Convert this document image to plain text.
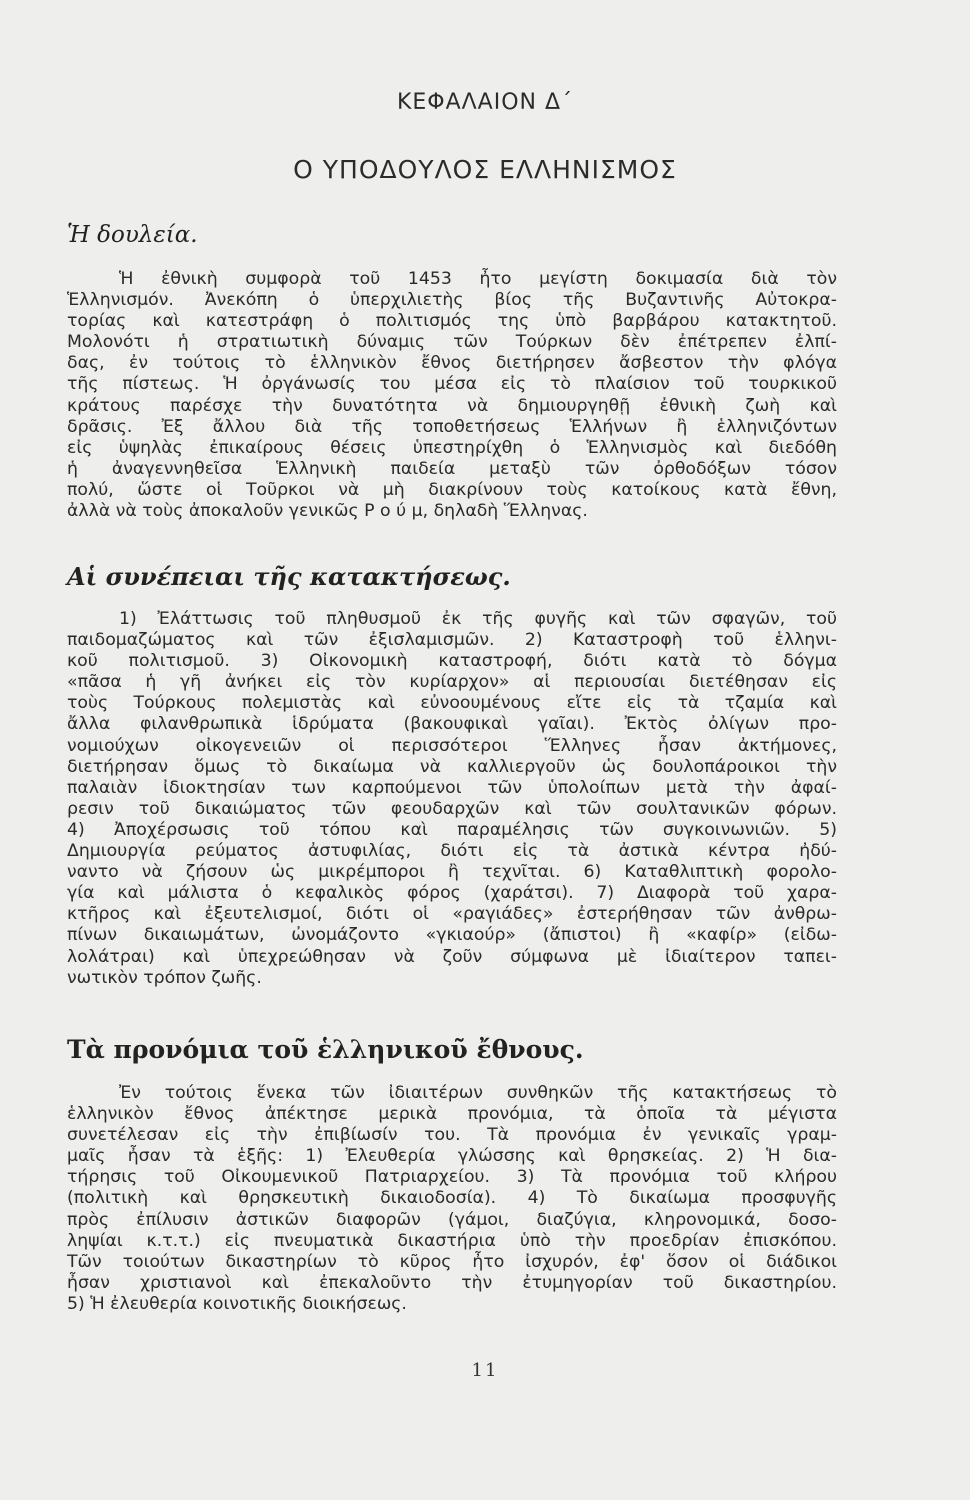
ΚΕΦΑΛΑΙΟΝ Δ΄
Ο ΥΠΟΔΟΥΛΟΣ ΕΛΛΗΝΙΣΜΟΣ
Ἡ δουλεία.
Ἡ ἐθνικὴ συμφορὰ τοῦ 1453 ἦτο μεγίστη δοκιμασία διὰ τὸν
Ἑλληνισμόν. Ἀνεκόπη ὁ ὑπερχιλιετὴς βίος τῆς Βυζαντινῆς Αὐτοκρα-
τορίας καὶ κατεστράφη ὁ πολιτισμός της ὑπὸ βαρβάρου κατακτητοῦ.
Μολονότι ἡ στρατιωτικὴ δύναμις τῶν Τούρκων δὲν ἐπέτρεπεν ἐλπί-
δας, ἐν τούτοις τὸ ἑλληνικὸν ἔθνος διετήρησεν ἄσβεστον τὴν φλόγα
τῆς πίστεως. Ἡ ὀργάνωσίς του μέσα εἰς τὸ πλαίσιον τοῦ τουρκικοῦ
κράτους παρέσχε τὴν δυνατότητα νὰ δημιουργηθῇ ἐθνικὴ ζωὴ καὶ
δρᾶσις. Ἐξ ἄλλου διὰ τῆς τοποθετήσεως Ἑλλήνων ἢ ἑλληνιζόντων
εἰς ὑψηλὰς ἐπικαίρους θέσεις ὑπεστηρίχθη ὁ Ἑλληνισμὸς καὶ διεδόθη
ἡ ἀναγεννηθεῖσα Ἑλληνικὴ παιδεία μεταξὺ τῶν ὀρθοδόξων τόσον
πολύ, ὥστε οἱ Τοῦρκοι νὰ μὴ διακρίνουν τοὺς κατοίκους κατὰ ἔθνη,
ἀλλὰ νὰ τοὺς ἀποκαλοῦν γενικῶς Ρ ο ύ μ, δηλαδὴ Ἕλληνας.
Αἱ συνέπειαι τῆς κατακτήσεως.
1) Ἐλάττωσις τοῦ πληθυσμοῦ ἐκ τῆς φυγῆς καὶ τῶν σφαγῶν, τοῦ
παιδομαζώματος καὶ τῶν ἐξισλαμισμῶν. 2) Καταστροφὴ τοῦ ἑλληνι-
κοῦ πολιτισμοῦ. 3) Οἰκονομικὴ καταστροφή, διότι κατὰ τὸ δόγμα
«πᾶσα ἡ γῆ ἀνήκει εἰς τὸν κυρίαρχον» αἱ περιουσίαι διετέθησαν εἰς
τοὺς Τούρκους πολεμιστὰς καὶ εὐνοουμένους εἴτε εἰς τὰ τζαμία καὶ
ἄλλα φιλανθρωπικὰ ἱδρύματα (βακουφικαὶ γαῖαι). Ἐκτὸς ὀλίγων προ-
νομιούχων οἰκογενειῶν οἱ περισσότεροι Ἕλληνες ἦσαν ἀκτήμονες,
διετήρησαν ὅμως τὸ δικαίωμα νὰ καλλιεργοῦν ὡς δουλοπάροικοι τὴν
παλαιὰν ἰδιοκτησίαν των καρπούμενοι τῶν ὑπολοίπων μετὰ τὴν ἀφαί-
ρεσιν τοῦ δικαιώματος τῶν φεουδαρχῶν καὶ τῶν σουλτανικῶν φόρων.
4) Ἀποχέρσωσις τοῦ τόπου καὶ παραμέλησις τῶν συγκοινωνιῶν. 5)
Δημιουργία ρεύματος ἀστυφιλίας, διότι εἰς τὰ ἀστικὰ κέντρα ἠδύ-
ναντο νὰ ζήσουν ὡς μικρέμποροι ἢ τεχνῖται. 6) Καταθλιπτικὴ φορολο-
γία καὶ μάλιστα ὁ κεφαλικὸς φόρος (χαράτσι). 7) Διαφορὰ τοῦ χαρα-
κτῆρος καὶ ἐξευτελισμοί, διότι οἱ «ραγιάδες» ἐστερήθησαν τῶν ἀνθρω-
πίνων δικαιωμάτων, ὠνομάζοντο «γκιαούρ» (ἄπιστοι) ἢ «καφίρ» (εἰδω-
λολάτραι) καὶ ὑπεχρεώθησαν νὰ ζοῦν σύμφωνα μὲ ἰδιαίτερον ταπει-
νωτικὸν τρόπον ζωῆς.
Τὰ προνόμια τοῦ ἑλληνικοῦ ἔθνους.
Ἐν τούτοις ἕνεκα τῶν ἰδιαιτέρων συνθηκῶν τῆς κατακτήσεως τὸ
ἑλληνικὸν ἔθνος ἀπέκτησε μερικὰ προνόμια, τὰ ὁποῖα τὰ μέγιστα
συνετέλεσαν εἰς τὴν ἐπιβίωσίν του. Τὰ προνόμια ἐν γενικαῖς γραμ-
μαῖς ἦσαν τὰ ἑξῆς: 1) Ἐλευθερία γλώσσης καὶ θρησκείας. 2) Ἡ δια-
τήρησις τοῦ Οἰκουμενικοῦ Πατριαρχείου. 3) Τὰ προνόμια τοῦ κλήρου
(πολιτικὴ καὶ θρησκευτικὴ δικαιοδοσία). 4) Τὸ δικαίωμα προσφυγῆς
πρὸς ἐπίλυσιν ἀστικῶν διαφορῶν (γάμοι, διαζύγια, κληρονομικά, δοσο-
ληψίαι κ.τ.τ.) εἰς πνευματικὰ δικαστήρια ὑπὸ τὴν προεδρίαν ἐπισκόπου.
Τῶν τοιούτων δικαστηρίων τὸ κῦρος ἦτο ἰσχυρόν, ἐφ' ὅσον οἱ διάδικοι
ἦσαν χριστιανοὶ καὶ ἐπεκαλοῦντο τὴν ἐτυμηγορίαν τοῦ δικαστηρίου.
5) Ἡ ἐλευθερία κοινοτικῆς διοικήσεως.
11
